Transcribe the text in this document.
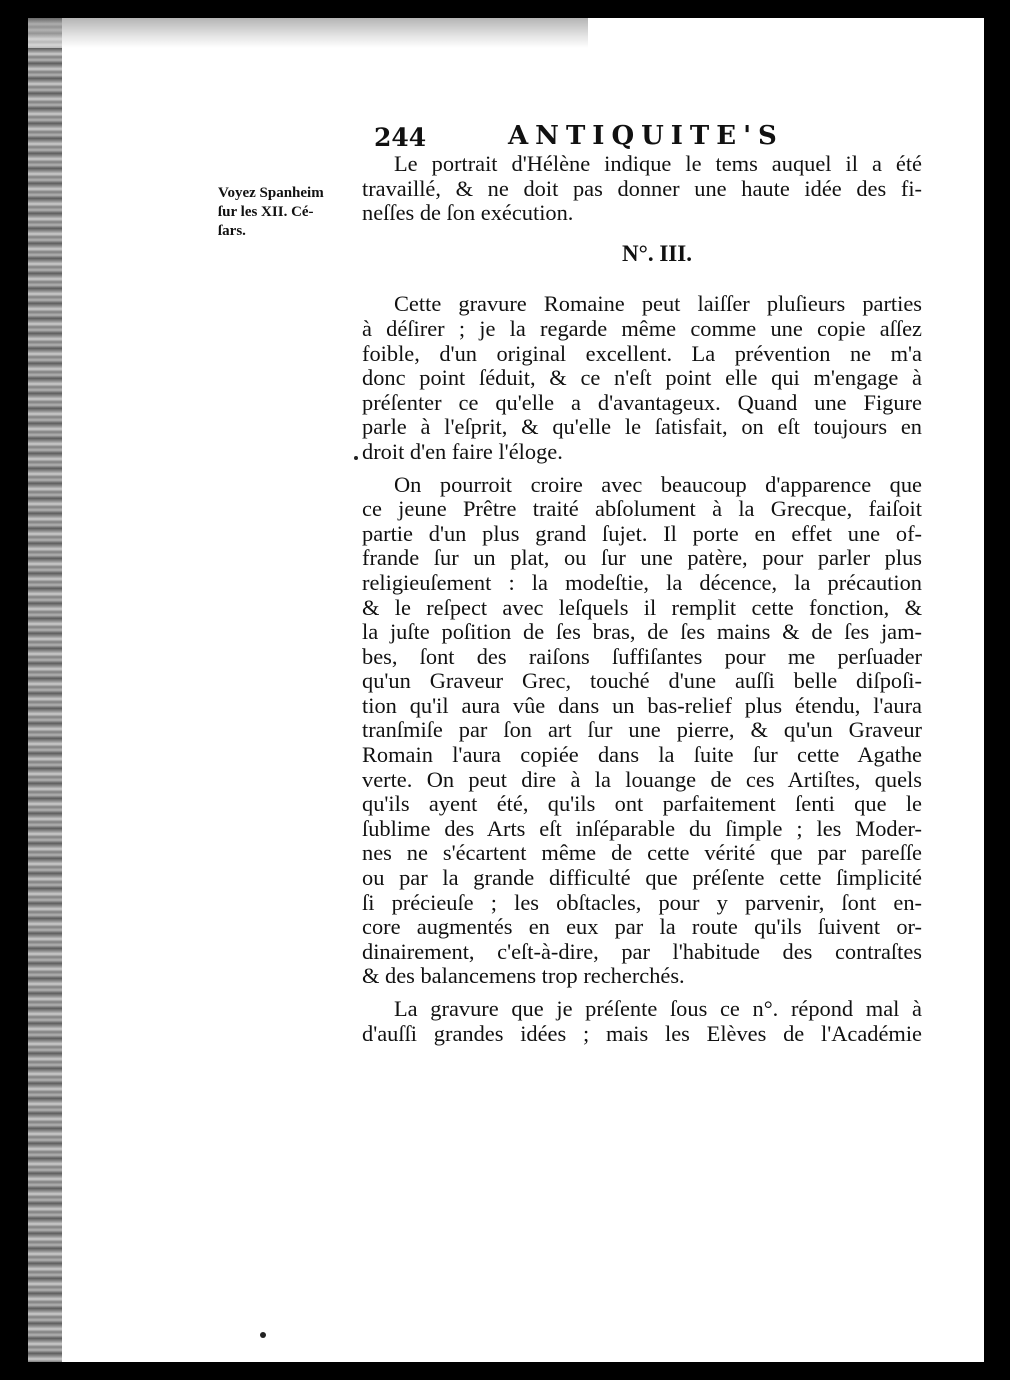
244	ANTIQUITE'S
Voyez Spanheim
ſur les XII. Cé-
ſars.
Le portrait d'Hélène indique le tems auquel il a été
travaillé, & ne doit pas donner une haute idée des fi-
neſſes de ſon exécution.
N°. III.
Cette gravure Romaine peut laiſſer pluſieurs parties
à déſirer ; je la regarde même comme une copie aſſez
foible, d'un original excellent. La prévention ne m'a
donc point ſéduit, & ce n'eſt point elle qui m'engage à
préſenter ce qu'elle a d'avantageux. Quand une Figure
parle à l'eſprit, & qu'elle le ſatisfait, on eſt toujours en
droit d'en faire l'éloge.
On pourroit croire avec beaucoup d'apparence que
ce jeune Prêtre traité abſolument à la Grecque, faiſoit
partie d'un plus grand ſujet. Il porte en effet une of-
frande ſur un plat, ou ſur une patère, pour parler plus
religieuſement : la modeſtie, la décence, la précaution
& le reſpect avec leſquels il remplit cette fonction, &
la juſte poſition de ſes bras, de ſes mains & de ſes jam-
bes, ſont des raiſons ſuffiſantes pour me perſuader
qu'un Graveur Grec, touché d'une auſſi belle diſpoſi-
tion qu'il aura vûe dans un bas-relief plus étendu, l'aura
tranſmiſe par ſon art ſur une pierre, & qu'un Graveur
Romain l'aura copiée dans la ſuite ſur cette Agathe
verte. On peut dire à la louange de ces Artiſtes, quels
qu'ils ayent été, qu'ils ont parfaitement ſenti que le
ſublime des Arts eſt inſéparable du ſimple ; les Moder-
nes ne s'écartent même de cette vérité que par pareſſe
ou par la grande difficulté que préſente cette ſimplicité
ſi précieuſe ; les obſtacles, pour y parvenir, ſont en-
core augmentés en eux par la route qu'ils ſuivent or-
dinairement, c'eſt-à-dire, par l'habitude des contraſtes
& des balancemens trop recherchés.
La gravure que je préſente ſous ce n°. répond mal à
d'auſſi grandes idées ; mais les Elèves de l'Académie
